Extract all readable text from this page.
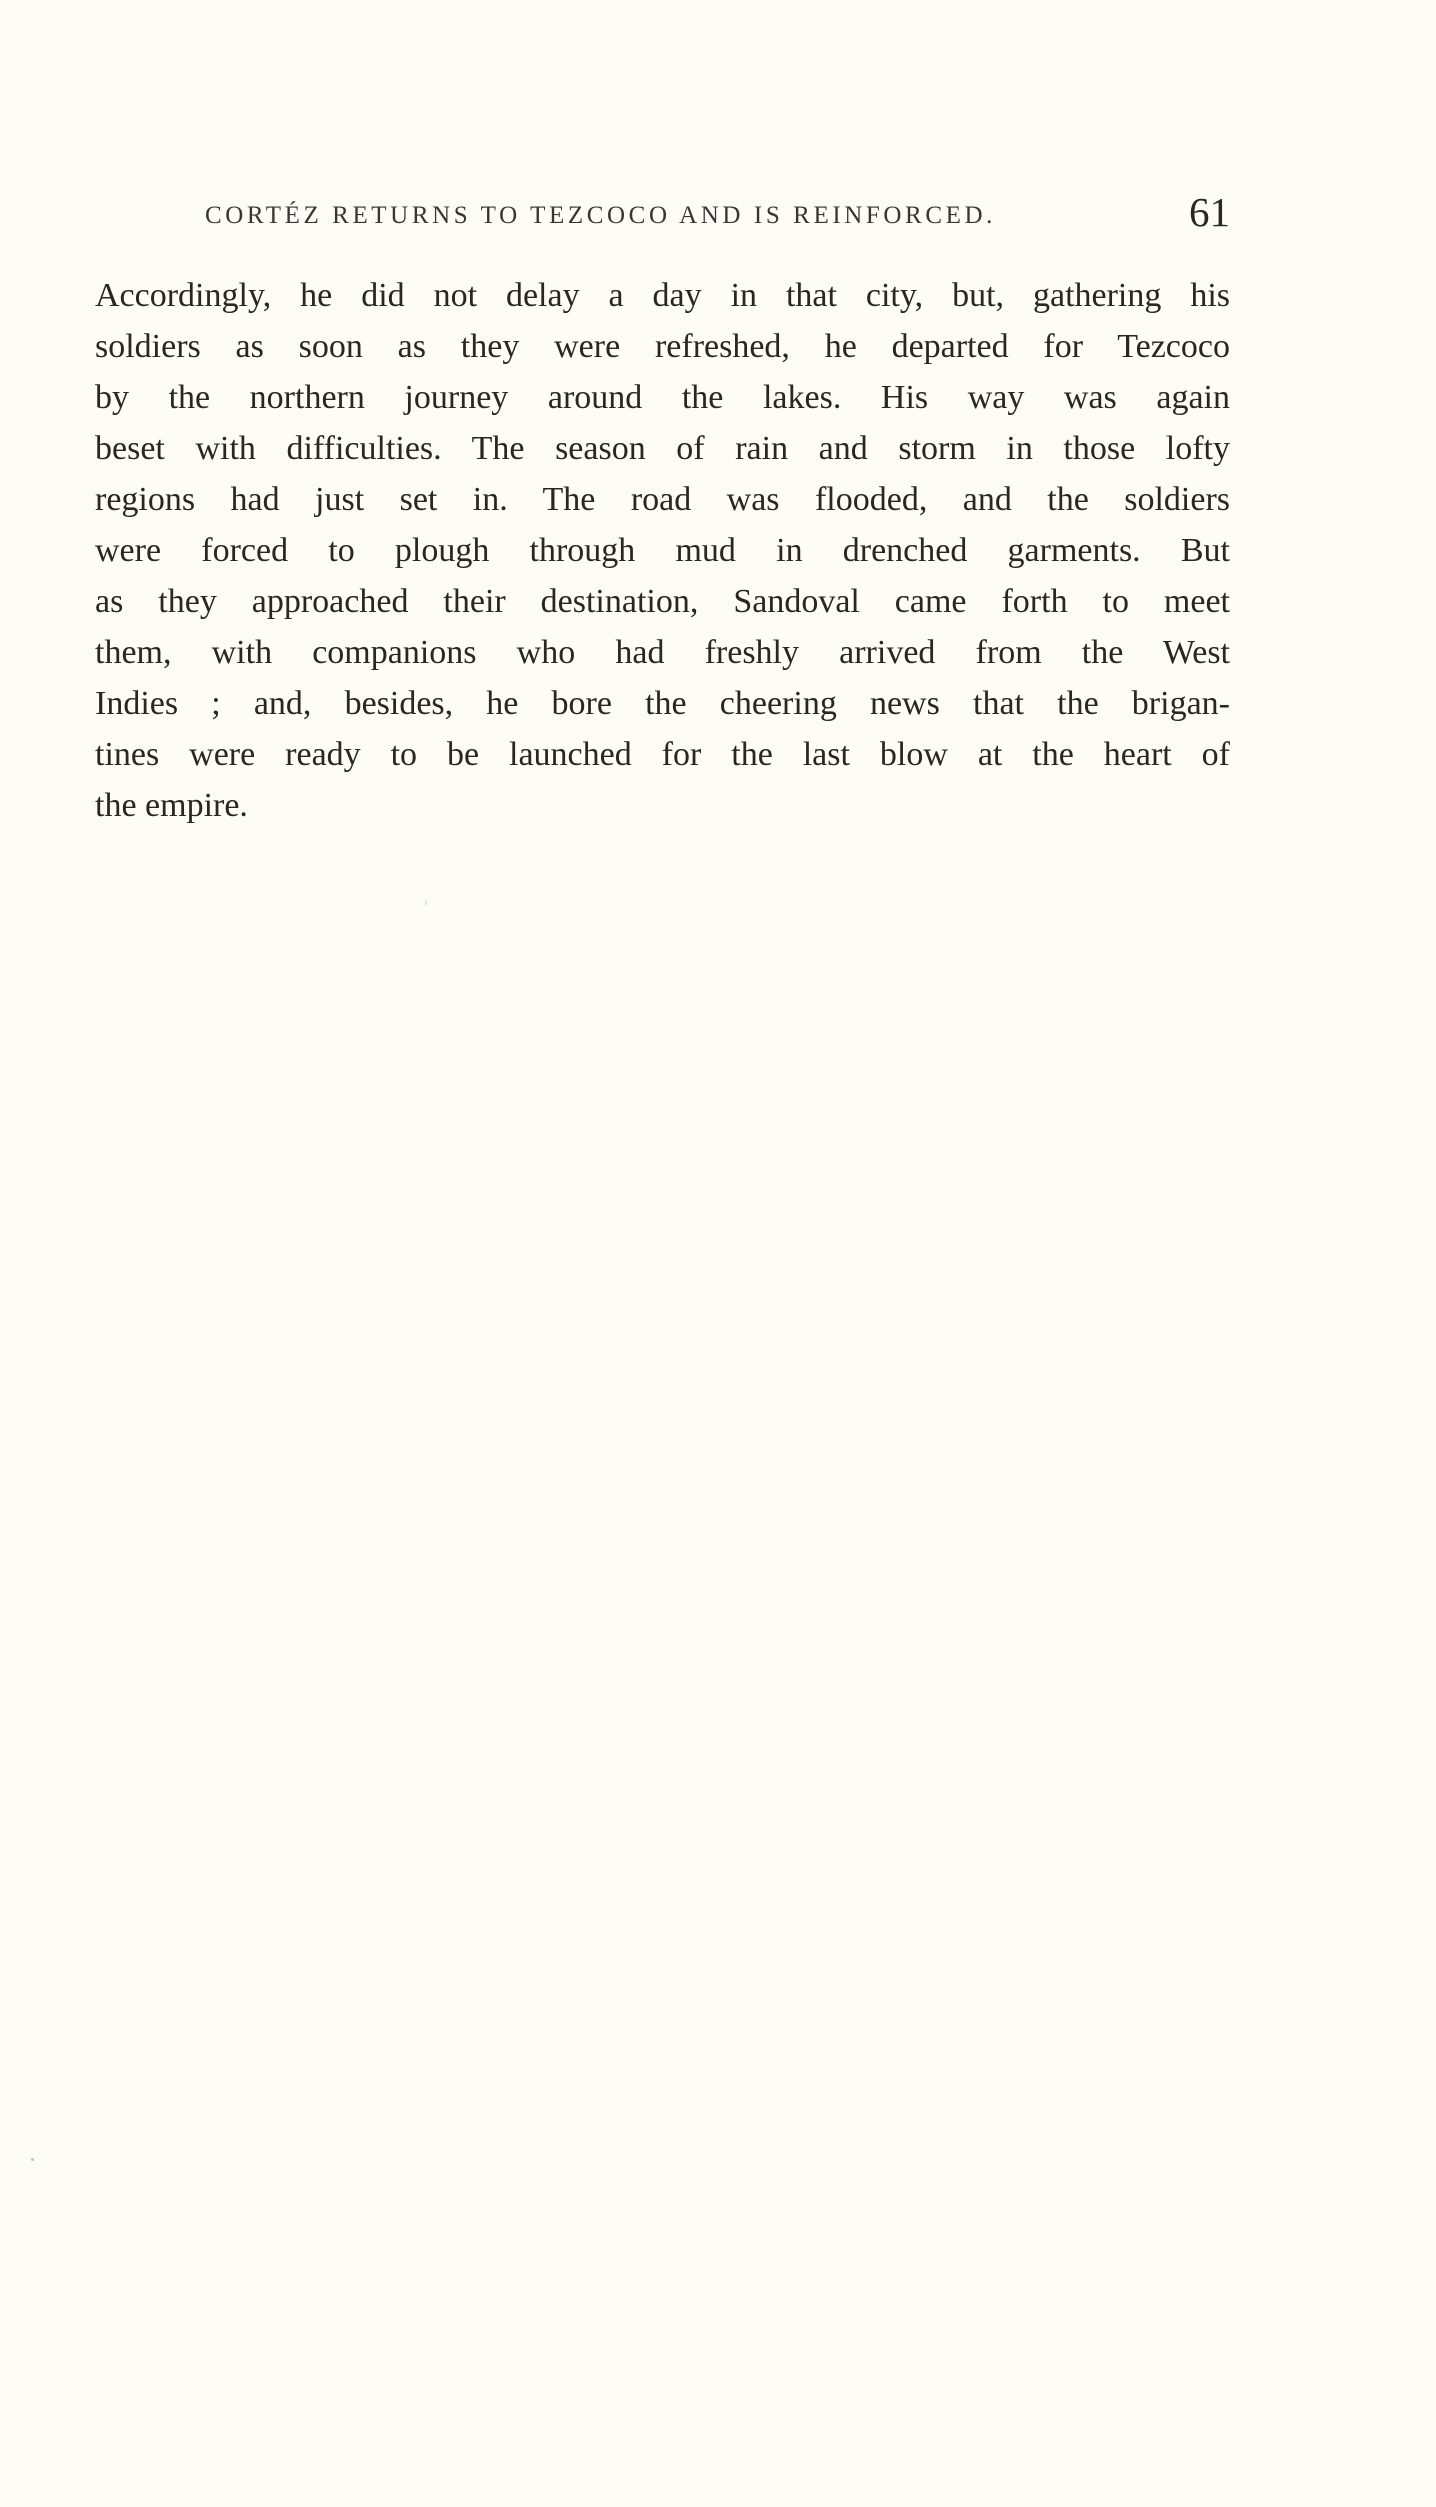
CORTÉZ RETURNS TO TEZCOCO AND IS REINFORCED.	61
Accordingly, he did not delay a day in that city, but, gathering his
soldiers as soon as they were refreshed, he departed for Tezcoco
by the northern journey around the lakes. His way was again
beset with difficulties. The season of rain and storm in those lofty
regions had just set in. The road was flooded, and the soldiers
were forced to plough through mud in drenched garments. But
as they approached their destination, Sandoval came forth to meet
them, with companions who had freshly arrived from the West
Indies ; and, besides, he bore the cheering news that the brigan-
tines were ready to be launched for the last blow at the heart of
the empire.
